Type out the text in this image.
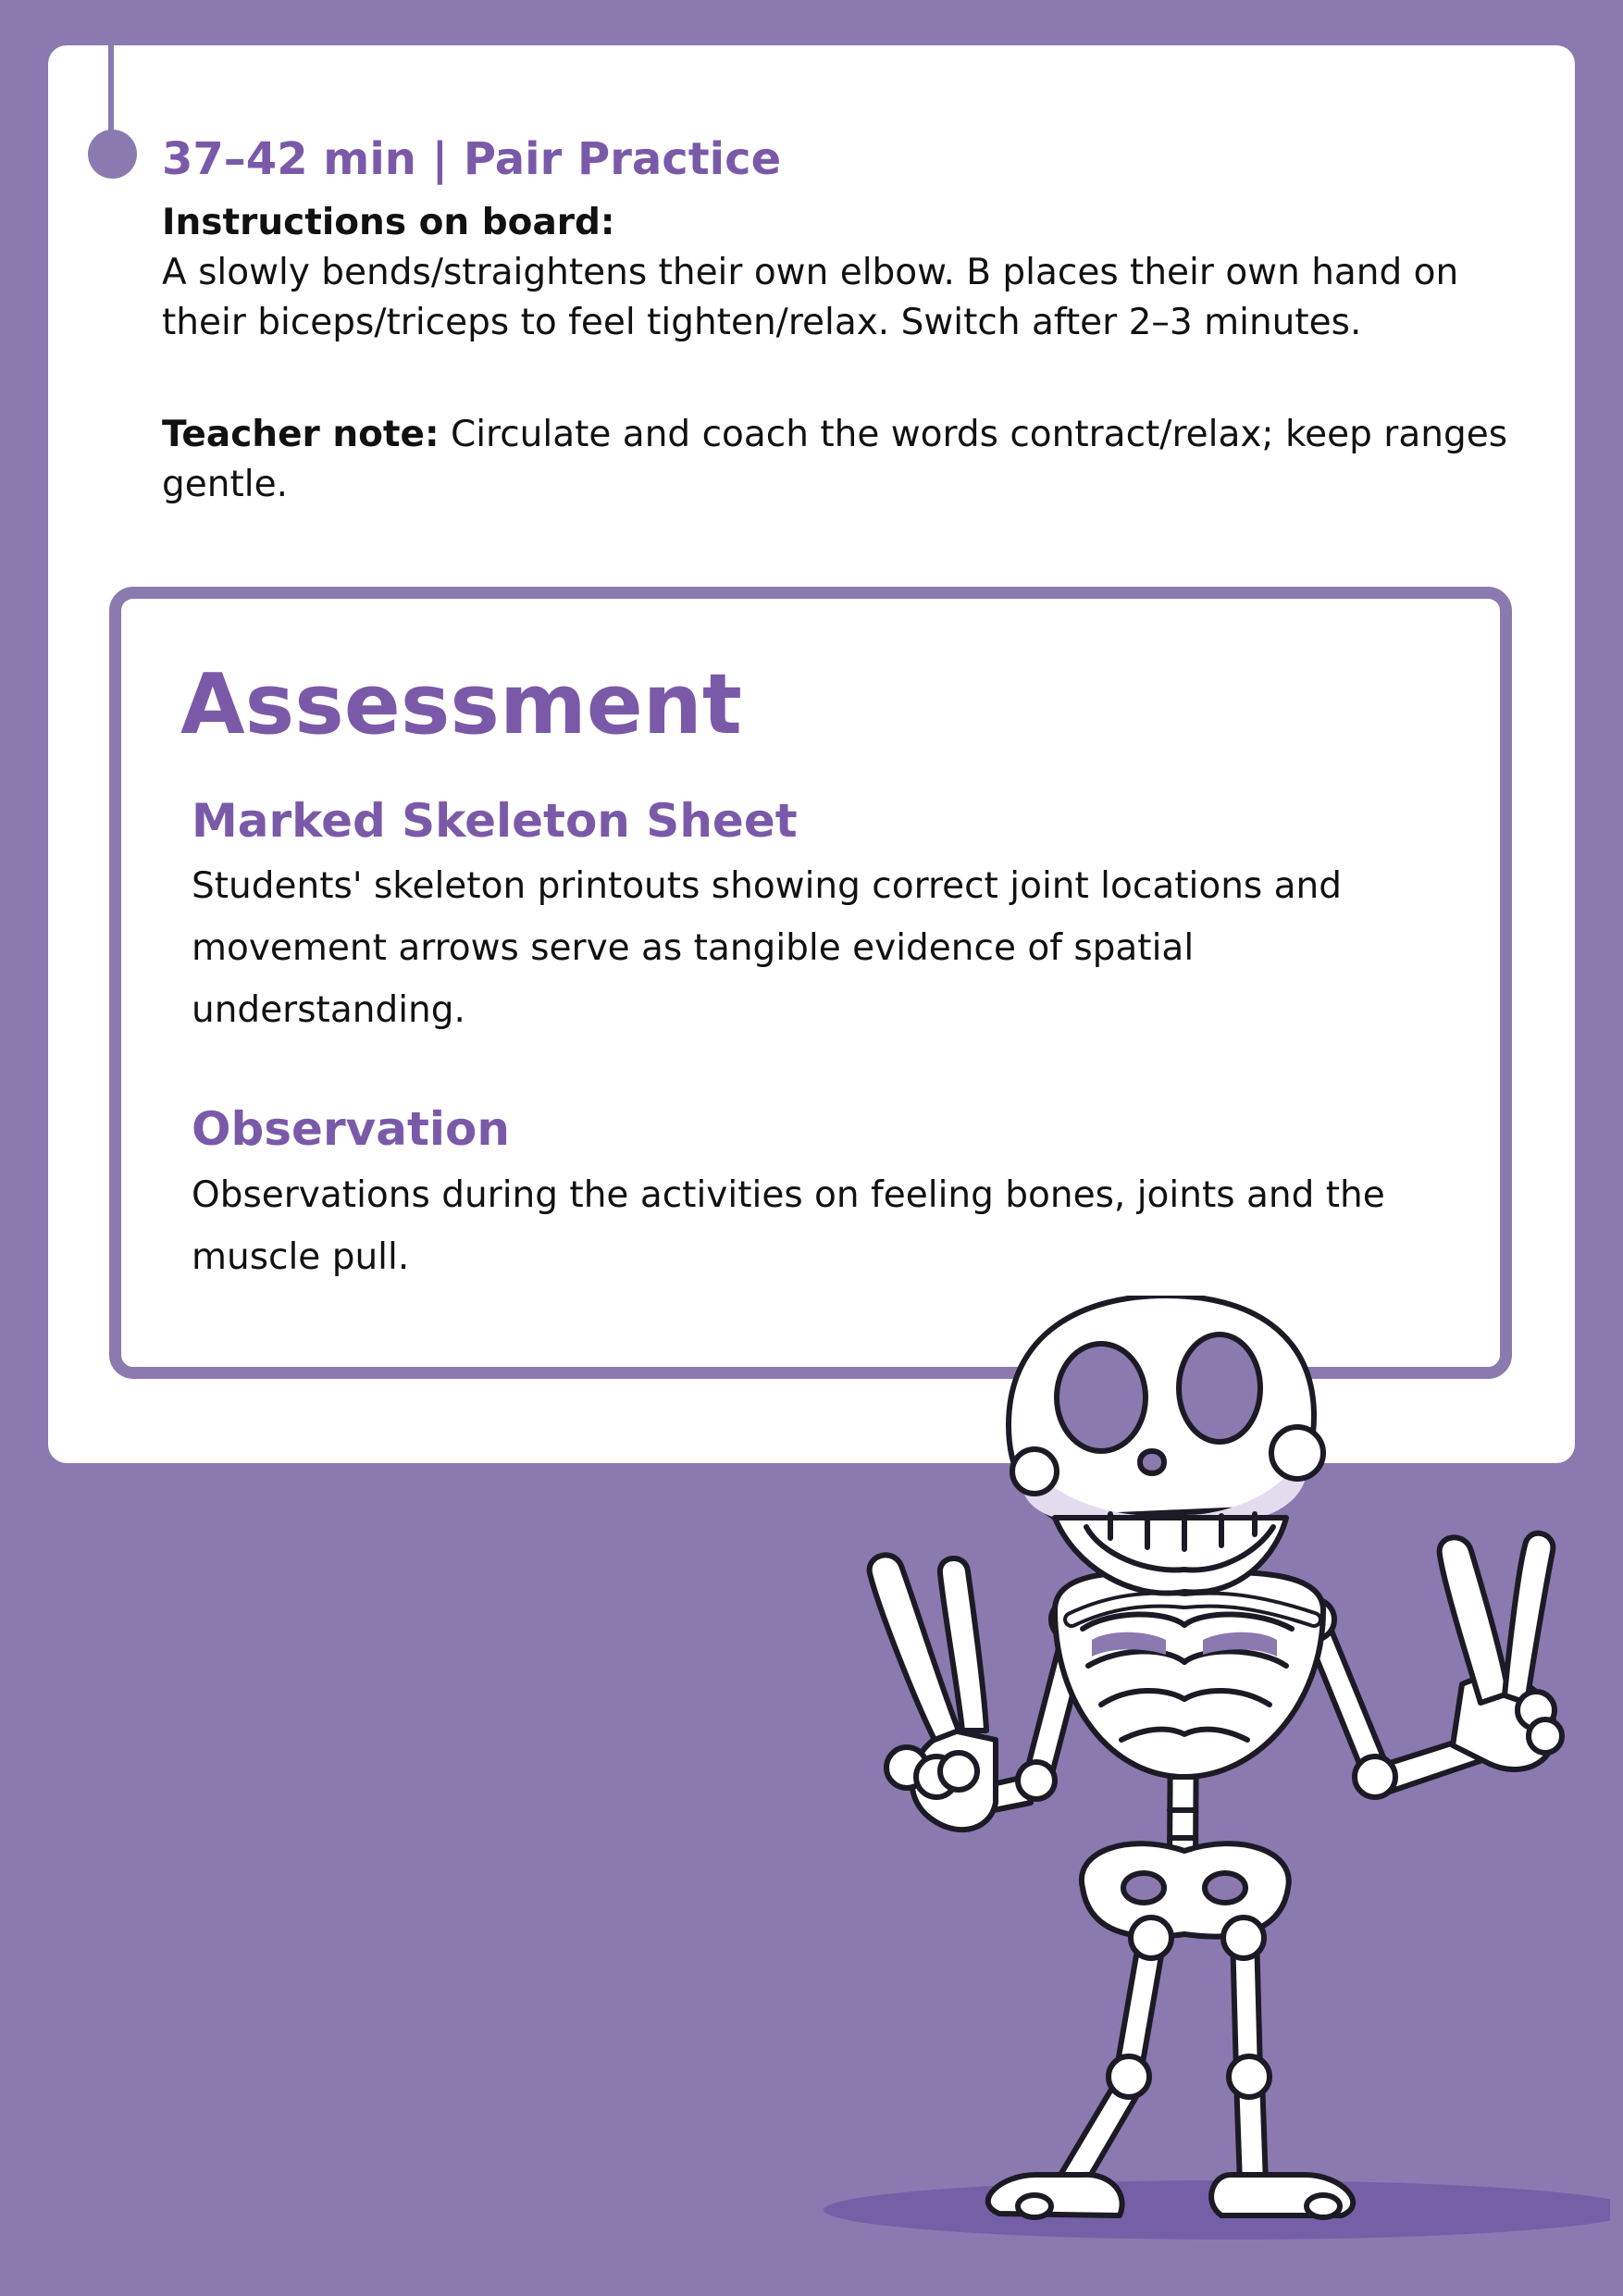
37–42 min | Pair Practice

Instructions on board:

A slowly bends/straightens their own elbow. B places their own hand on their biceps/triceps to feel tighten/relax. Switch after 2–3 minutes.

Teacher note: Circulate and coach the words contract/relax; keep ranges gentle.

Assessment
Marked Skeleton Sheet

Students' skeleton printouts showing correct joint locations and movement arrows serve as tangible evidence of spatial understanding.

Observation

Observations during the activities on feeling bones, joints and the muscle pull.
